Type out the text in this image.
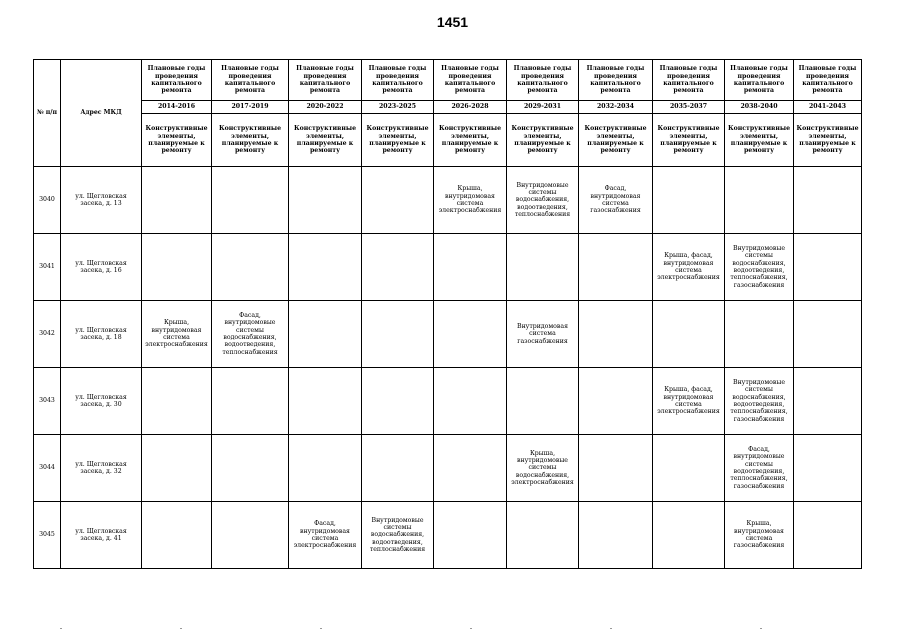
1451
№ п/п	Адрес МКД	Плановые годы проведения капитального ремонта	Плановые годы проведения капитального ремонта	Плановые годы проведения капитального ремонта	Плановые годы проведения капитального ремонта	Плановые годы проведения капитального ремонта	Плановые годы проведения капитального ремонта	Плановые годы проведения капитального ремонта	Плановые годы проведения капитального ремонта	Плановые годы проведения капитального ремонта	Плановые годы проведения капитального ремонта
		2014-2016	2017-2019	2020-2022	2023-2025	2026-2028	2029-2031	2032-2034	2035-2037	2038-2040	2041-2043
		Конструктивные элементы, планируемые к ремонту	Конструктивные элементы, планируемые к ремонту	Конструктивные элементы, планируемые к ремонту	Конструктивные элементы, планируемые к ремонту	Конструктивные элементы, планируемые к ремонту	Конструктивные элементы, планируемые к ремонту	Конструктивные элементы, планируемые к ремонту	Конструктивные элементы, планируемые к ремонту	Конструктивные элементы, планируемые к ремонту	Конструктивные элементы, планируемые к ремонту
3040	ул. Щегловская засека, д. 13					Крыша, внутридомовая система электроснабжения	Внутридомовые системы водоснабжения, водоотведения, теплоснабжения	Фасад, внутридомовая система газоснабжения			
3041	ул. Щегловская засека, д. 16								Крыша, фасад, внутридомовая система электроснабжения	Внутридомовые системы водоснабжения, водоотведения, теплоснабжения, газоснабжения	
3042	ул. Щегловская засека, д. 18	Крыша, внутридомовая система электроснабжения	Фасад, внутридомовые системы водоснабжения, водоотведения, теплоснабжения				Внутридомовая система газоснабжения				
3043	ул. Щегловская засека, д. 30								Крыша, фасад, внутридомовая система электроснабжения	Внутридомовые системы водоснабжения, водоотведения, теплоснабжения, газоснабжения	
3044	ул. Щегловская засека, д. 32						Крыша, внутридомовые системы водоснабжения, электроснабжения			Фасад, внутридомовые системы водоотведения, теплоснабжения, газоснабжения	
3045	ул. Щегловская засека, д. 41			Фасад, внутридомовая система электроснабжения	Внутридомовые системы водоснабжения, водоотведения, теплоснабжения					Крыша, внутридомовая система газоснабжения	
